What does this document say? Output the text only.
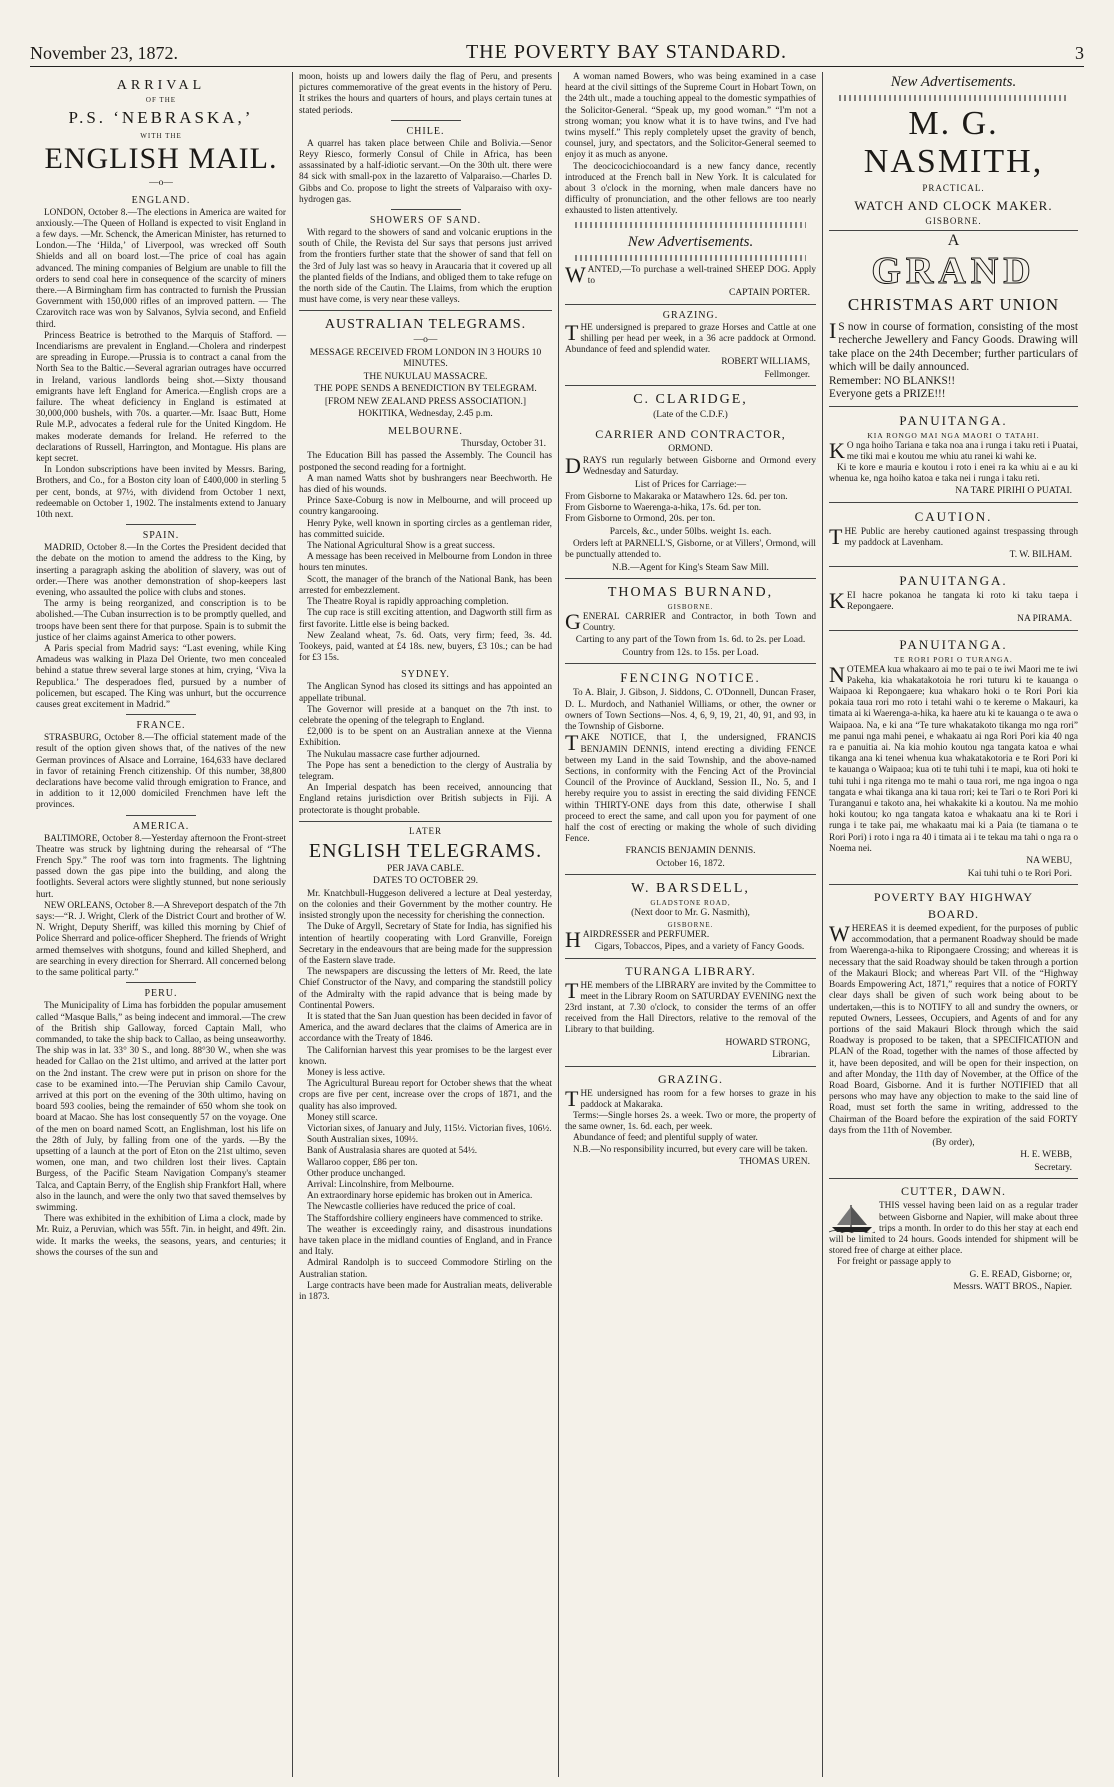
November 23, 1872.	THE POVERTY BAY STANDARD.	3
ARRIVAL
OF THE
P.S. ‘NEBRASKA,’
WITH THE
ENGLISH MAIL.
—o—
ENGLAND.

LONDON, October 8.—The elections in America are waited for anxiously.—The Queen of Holland is expected to visit England in a few days. —Mr. Schenck, the American Minister, has returned to London.—The ‘Hilda,’ of Liverpool, was wrecked off South Shields and all on board lost.—The price of coal has again advanced. The mining companies of Belgium are unable to fill the orders to send coal here in consequence of the scarcity of miners there.—A Birmingham firm has contracted to furnish the Prussian Government with 150,000 rifles of an improved pattern. — The Czarovitch race was won by Salvanos, Sylvia second, and Enfield third.

Princess Beatrice is betrothed to the Marquis of Stafford. — Incendiarisms are prevalent in England.—Cholera and rinderpest are spreading in Europe.—Prussia is to contract a canal from the North Sea to the Baltic.—Several agrarian outrages have occurred in Ireland, various landlords being shot.—Sixty thousand emigrants have left England for America.—English crops are a failure. The wheat deficiency in England is estimated at 30,000,000 bushels, with 70s. a quarter.—Mr. Isaac Butt, Home Rule M.P., advocates a federal rule for the United Kingdom. He makes moderate demands for Ireland. He referred to the declarations of Russell, Harrington, and Montague. His plans are kept secret.

In London subscriptions have been invited by Messrs. Baring, Brothers, and Co., for a Boston city loan of £400,000 in sterling 5 per cent, bonds, at 97½, with dividend from October 1 next, redeemable on October 1, 1902. The instalments extend to January 10th next.

SPAIN.

MADRID, October 8.—In the Cortes the President decided that the debate on the motion to amend the address to the King, by inserting a paragraph asking the abolition of slavery, was out of order.—There was another demonstration of shop-keepers last evening, who assaulted the police with clubs and stones.

The army is being reorganized, and conscription is to be abolished.—The Cuban insurrection is to be promptly quelled, and troops have been sent there for that purpose. Spain is to submit the justice of her claims against America to other powers.

A Paris special from Madrid says: “Last evening, while King Amadeus was walking in Plaza Del Oriente, two men concealed behind a statue threw several large stones at him, crying, ‘Viva la Republica.’ The desperadoes fled, pursued by a number of policemen, but escaped. The King was unhurt, but the occurrence causes great excitement in Madrid.”

FRANCE.

STRASBURG, October 8.—The official statement made of the result of the option given shows that, of the natives of the new German provinces of Alsace and Lorraine, 164,633 have declared in favor of retaining French citizenship. Of this number, 38,800 declarations have become valid through emigration to France, and in addition to it 12,000 domiciled Frenchmen have left the provinces.

AMERICA.

BALTIMORE, October 8.—Yesterday afternoon the Front-street Theatre was struck by lightning during the rehearsal of “The French Spy.” The roof was torn into fragments. The lightning passed down the gas pipe into the building, and along the footlights. Several actors were slightly stunned, but none seriously hurt.

NEW ORLEANS, October 8.—A Shreveport despatch of the 7th says:—“R. J. Wright, Clerk of the District Court and brother of W. N. Wright, Deputy Sheriff, was killed this morning by Chief of Police Sherrard and police-officer Shepherd. The friends of Wright armed themselves with shotguns, found and killed Shepherd, and are searching in every direction for Sherrard. All concerned belong to the same political party.”

PERU.

The Municipality of Lima has forbidden the popular amusement called “Masque Balls,” as being indecent and immoral.—The crew of the British ship Galloway, forced Captain Mall, who commanded, to take the ship back to Callao, as being unseaworthy. The ship was in lat. 33° 30 S., and long. 88°30 W., when she was headed for Callao on the 21st ultimo, and arrived at the latter port on the 2nd instant. The crew were put in prison on shore for the case to be examined into.—The Peruvian ship Camilo Cavour, arrived at this port on the evening of the 30th ultimo, having on board 593 coolies, being the remainder of 650 whom she took on board at Macao. She has lost consequently 57 on the voyage. One of the men on board named Scott, an Englishman, lost his life on the 28th of July, by falling from one of the yards. —By the upsetting of a launch at the port of Eton on the 21st ultimo, seven women, one man, and two children lost their lives. Captain Burgess, of the Pacific Steam Navigation Company's steamer Talca, and Captain Berry, of the English ship Frankfort Hall, where also in the launch, and were the only two that saved themselves by swimming.

There was exhibited in the exhibition of Lima a clock, made by Mr. Ruiz, a Peruvian, which was 55ft. 7in. in height, and 49ft. 2in. wide. It marks the weeks, the seasons, years, and centuries; it shows the courses of the sun and

moon, hoists up and lowers daily the flag of Peru, and presents pictures commemorative of the great events in the history of Peru. It strikes the hours and quarters of hours, and plays certain tunes at stated periods.

CHILE.

A quarrel has taken place between Chile and Bolivia.—Senor Reyy Riesco, formerly Consul of Chile in Africa, has been assassinated by a half-idiotic servant.—On the 30th ult. there were 84 sick with small-pox in the lazaretto of Valparaiso.—Charles D. Gibbs and Co. propose to light the streets of Valparaiso with oxy-hydrogen gas.

SHOWERS OF SAND.

With regard to the showers of sand and volcanic eruptions in the south of Chile, the Revista del Sur says that persons just arrived from the frontiers further state that the shower of sand that fell on the 3rd of July last was so heavy in Araucaria that it covered up all the planted fields of the Indians, and obliged them to take refuge on the north side of the Cautin. The Llaims, from which the eruption must have come, is very near these valleys.

AUSTRALIAN TELEGRAMS.
—o—
MESSAGE RECEIVED FROM LONDON IN 3 HOURS 10 MINUTES.
THE NUKULAU MASSACRE.
THE POPE SENDS A BENEDICTION BY TELEGRAM.
[FROM NEW ZEALAND PRESS ASSOCIATION.]
HOKITIKA, Wednesday, 2.45 p.m.
MELBOURNE.
Thursday, October 31.

The Education Bill has passed the Assembly. The Council has postponed the second reading for a fortnight.

A man named Watts shot by bushrangers near Beechworth. He has died of his wounds.

Prince Saxe-Coburg is now in Melbourne, and will proceed up country kangarooing.

Henry Pyke, well known in sporting circles as a gentleman rider, has committed suicide.

The National Agricultural Show is a great success.

A message has been received in Melbourne from London in three hours ten minutes.

Scott, the manager of the branch of the National Bank, has been arrested for embezzlement.

The Theatre Royal is rapidly approaching completion.

The cup race is still exciting attention, and Dagworth still firm as first favorite. Little else is being backed.

New Zealand wheat, 7s. 6d. Oats, very firm; feed, 3s. 4d. Tookeys, paid, wanted at £4 18s. new, buyers, £3 10s.; can be had for £3 15s.

SYDNEY.

The Anglican Synod has closed its sittings and has appointed an appellate tribunal.

The Governor will preside at a banquet on the 7th inst. to celebrate the opening of the telegraph to England.

£2,000 is to be spent on an Australian annexe at the Vienna Exhibition.

The Nukulau massacre case further adjourned.

The Pope has sent a benediction to the clergy of Australia by telegram.

An Imperial despatch has been received, announcing that England retains jurisdiction over British subjects in Fiji. A protectorate is thought probable.

LATER
ENGLISH TELEGRAMS.
PER JAVA CABLE.
DATES TO OCTOBER 29.

Mr. Knatchbull-Huggeson delivered a lecture at Deal yesterday, on the colonies and their Government by the mother country. He insisted strongly upon the necessity for cherishing the connection.

The Duke of Argyll, Secretary of State for India, has signified his intention of heartily cooperating with Lord Granville, Foreign Secretary in the endeavours that are being made for the suppression of the Eastern slave trade.

The newspapers are discussing the letters of Mr. Reed, the late Chief Constructor of the Navy, and comparing the standstill policy of the Admiralty with the rapid advance that is being made by Continental Powers.

It is stated that the San Juan question has been decided in favor of America, and the award declares that the claims of America are in accordance with the Treaty of 1846.

The Californian harvest this year promises to be the largest ever known.

Money is less active.

The Agricultural Bureau report for October shews that the wheat crops are five per cent, increase over the crops of 1871, and the quality has also improved.

Money still scarce.

Victorian sixes, of January and July, 115½. Victorian fives, 106½.

South Australian sixes, 109½.

Bank of Australasia shares are quoted at 54½.

Wallaroo copper, £86 per ton.

Other produce unchanged.

Arrival: Lincolnshire, from Melbourne.

An extraordinary horse epidemic has broken out in America.

The Newcastle collieries have reduced the price of coal.

The Staffordshire colliery engineers have commenced to strike.

The weather is exceedingly rainy, and disastrous inundations have taken place in the midland counties of England, and in France and Italy.

Admiral Randolph is to succeed Commodore Stirling on the Australian station.

Large contracts have been made for Australian meats, deliverable in 1873.

A woman named Bowers, who was being examined in a case heard at the civil sittings of the Supreme Court in Hobart Town, on the 24th ult., made a touching appeal to the domestic sympathies of the Solicitor-General. “Speak up, my good woman.” “I'm not a strong woman; you know what it is to have twins, and I've had twins myself.” This reply completely upset the gravity of bench, counsel, jury, and spectators, and the Solicitor-General seemed to enjoy it as much as anyone.

The deocicocichiocoandard is a new fancy dance, recently introduced at the French ball in New York. It is calculated for about 3 o'clock in the morning, when male dancers have no difficulty of pronunciation, and the other fellows are too nearly exhausted to listen attentively.

New Advertisements.

WANTED,—To purchase a well-trained SHEEP DOG. Apply to

CAPTAIN PORTER.
GRAZING.

THE undersigned is prepared to graze Horses and Cattle at one shilling per head per week, in a 36 acre paddock at Ormond. Abundance of feed and splendid water.

ROBERT WILLIAMS,
Fellmonger.
C. CLARIDGE,
(Late of the C.D.F.)
CARRIER AND CONTRACTOR,
ORMOND.

DRAYS run regularly between Gisborne and Ormond every Wednesday and Saturday.

List of Prices for Carriage:—

From Gisborne to Makaraka or Matawhero 12s. 6d. per ton.

From Gisborne to Waerenga-a-hika, 17s. 6d. per ton.

From Gisborne to Ormond, 20s. per ton.

Parcels, &c., under 50lbs. weight 1s. each.

Orders left at PARNELL'S, Gisborne, or at Villers', Ormond, will be punctually attended to.

N.B.—Agent for King's Steam Saw Mill.
THOMAS BURNAND,
GISBORNE.

GENERAL CARRIER and Contractor, in both Town and Country.

Carting to any part of the Town from 1s. 6d. to 2s. per Load.
Country from 12s. to 15s. per Load.
FENCING NOTICE.

To A. Blair, J. Gibson, J. Siddons, C. O'Donnell, Duncan Fraser, D. L. Murdoch, and Nathaniel Williams, or other, the owner or owners of Town Sections—Nos. 4, 6, 9, 19, 21, 40, 91, and 93, in the Township of Gisborne.

TAKE NOTICE, that I, the undersigned, FRANCIS BENJAMIN DENNIS, intend erecting a dividing FENCE between my Land in the said Township, and the above-named Sections, in conformity with the Fencing Act of the Provincial Council of the Province of Auckland, Session II., No. 5, and I hereby require you to assist in erecting the said dividing FENCE within THIRTY-ONE days from this date, otherwise I shall proceed to erect the same, and call upon you for payment of one half the cost of erecting or making the whole of such dividing Fence.

FRANCIS BENJAMIN DENNIS.
October 16, 1872.
W. BARSDELL,
GLADSTONE ROAD,
(Next door to Mr. G. Nasmith),
GISBORNE.

HAIRDRESSER and PERFUMER.

Cigars, Tobaccos, Pipes, and a variety of Fancy Goods.
TURANGA LIBRARY.

THE members of the LIBRARY are invited by the Committee to meet in the Library Room on SATURDAY EVENING next the 23rd instant, at 7.30 o'clock, to consider the terms of an offer received from the Hall Directors, relative to the removal of the Library to that building.

HOWARD STRONG,
Librarian.
GRAZING.

THE undersigned has room for a few horses to graze in his paddock at Makaraka.

Terms:—Single horses 2s. a week. Two or more, the property of the same owner, 1s. 6d. each, per week.

Abundance of feed; and plentiful supply of water.

N.B.—No responsibility incurred, but every care will be taken.

THOMAS UREN.
New Advertisements.
M. G. NASMITH,
PRACTICAL.
WATCH AND CLOCK MAKER.
GISBORNE.
A
GRAND
CHRISTMAS ART UNION

IS now in course of formation, consisting of the most recherche Jewellery and Fancy Goods. Drawing will take place on the 24th December; further particulars of which will be daily announced.

Remember: NO BLANKS!!

Everyone gets a PRIZE!!!

PANUITANGA.
KIA RONGO MAI NGA MAORI O TATAHI.

KO nga hoiho Tariana e taka noa ana i runga i taku reti i Puatai, me tiki mai e koutou me whiu atu ranei ki wahi ke.

Ki te kore e mauria e koutou i roto i enei ra ka whiu ai e au ki whenua ke, nga hoiho katoa e taka nei i runga i taku reti.

NA TARE PIRIHI O PUATAI.
CAUTION.

THE Public are hereby cautioned against trespassing through my paddock at Lavenham.

T. W. BILHAM.
PANUITANGA.

KEI hacre pokanoa he tangata ki roto ki taku taepa i Repongaere.

NA PIRAMA.
PANUITANGA.
TE RORI PORI O TURANGA.

NOTEMEA kua whakaaro ai mo te pai o te iwi Maori me te iwi Pakeha, kia whakatakotoia he rori tuturu ki te kauanga o Waipaoa ki Repongaere; kua whakaro hoki o te Rori Pori kia pokaia taua rori mo roto i tetahi wahi o te kereme o Makauri, ka timata ai ki Waerenga-a-hika, ka haere atu ki te kauanga o te awa o Waipaoa. Na, e ki ana “Te ture whakatakoto tikanga mo nga rori” me panui nga mahi penei, e whakaatu ai nga Rori Pori kia 40 nga ra e panuitia ai. Na kia mohio koutou nga tangata katoa e whai tikanga ana ki tenei whenua kua whakatakotoria e te Rori Pori ki te kauanga o Waipaoa; kua oti te tuhi tuhi i te mapi, kua oti hoki te tuhi tuhi i nga ritenga mo te mahi o taua rori, me nga ingoa o nga tangata e whai tikanga ana ki taua rori; kei te Tari o te Rori Pori ki Turanganui e takoto ana, hei whakakite ki a koutou. Na me mohio hoki koutou; ko nga tangata katoa e whakaatu ana ki te Rori i runga i te take pai, me whakaatu mai ki a Paia (te tiamana o te Rori Pori) i roto i nga ra 40 i timata ai i te tekau ma tahi o nga ra o Noema nei.

NA WEBU,
Kai tuhi tuhi o te Rori Pori.
POVERTY BAY HIGHWAY
BOARD.

WHEREAS it is deemed expedient, for the purposes of public accommodation, that a permanent Roadway should be made from Waerenga-a-hika to Ripongaere Crossing; and whereas it is necessary that the said Roadway should be taken through a portion of the Makauri Block; and whereas Part VII. of the “Highway Boards Empowering Act, 1871,” requires that a notice of FORTY clear days shall be given of such work being about to be undertaken,—this is to NOTIFY to all and sundry the owners, or reputed Owners, Lessees, Occupiers, and Agents of and for any portions of the said Makauri Block through which the said Roadway is proposed to be taken, that a SPECIFICATION and PLAN of the Road, together with the names of those affected by it, have been deposited, and will be open for their inspection, on and after Monday, the 11th day of November, at the Office of the Road Board, Gisborne. And it is further NOTIFIED that all persons who may have any objection to make to the said line of Road, must set forth the same in writing, addressed to the Chairman of the Board before the expiration of the said FORTY days from the 11th of November.

(By order),
H. E. WEBB,
Secretary.
CUTTER, DAWN.

THIS vessel having been laid on as a regular trader between Gisborne and Napier, will make about three trips a month. In order to do this her stay at each end will be limited to 24 hours. Goods intended for shipment will be stored free of charge at either place.

For freight or passage apply to

G. E. READ, Gisborne; or,
Messrs. WATT BROS., Napier.
